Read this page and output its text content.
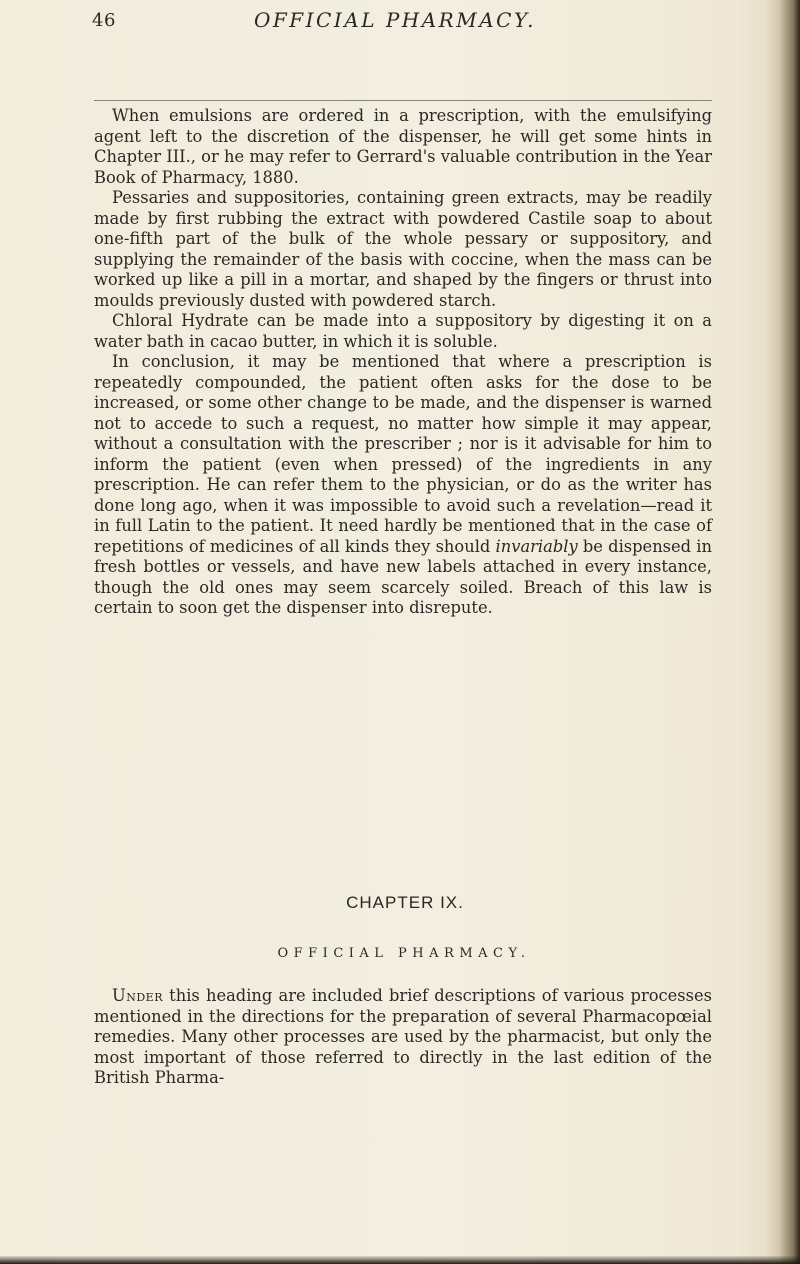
46	OFFICIAL PHARMACY.

When emulsions are ordered in a prescription, with the emulsifying agent left to the discretion of the dispenser, he will get some hints in Chapter III., or he may refer to Gerrard's valuable contribution in the Year Book of Pharmacy, 1880.

Pessaries and suppositories, containing green extracts, may be readily made by first rubbing the extract with powdered Castile soap to about one-fifth part of the bulk of the whole pessary or suppository, and supplying the remainder of the basis with coccine, when the mass can be worked up like a pill in a mortar, and shaped by the fingers or thrust into moulds previously dusted with powdered starch.

Chloral Hydrate can be made into a suppository by digesting it on a water bath in cacao butter, in which it is soluble.

In conclusion, it may be mentioned that where a prescription is repeatedly compounded, the patient often asks for the dose to be increased, or some other change to be made, and the dispenser is warned not to accede to such a request, no matter how simple it may appear, without a consultation with the prescriber ; nor is it advisable for him to inform the patient (even when pressed) of the ingredients in any prescription. He can refer them to the physician, or do as the writer has done long ago, when it was impossible to avoid such a revelation—read it in full Latin to the patient. It need hardly be mentioned that in the case of repetitions of medicines of all kinds they should invariably be dispensed in fresh bottles or vessels, and have new labels attached in every instance, though the old ones may seem scarcely soiled. Breach of this law is certain to soon get the dispenser into disrepute.

CHAPTER IX.
OFFICIAL PHARMACY.

Under this heading are included brief descriptions of various processes mentioned in the directions for the preparation of several Pharmacopœial remedies. Many other processes are used by the pharmacist, but only the most important of those referred to directly in the last edition of the British Pharma-
